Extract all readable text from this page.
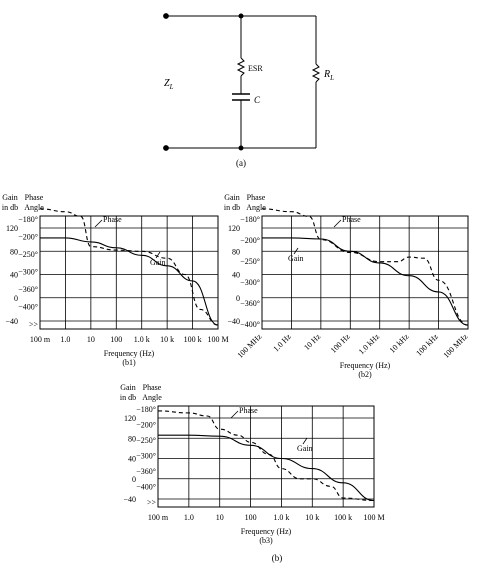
$Z_L$
ESR
C
$R_L$
(a)
Gain
in db
Phase
Angle
120
80
40
0
−40
−180°
−200°
−250°
−300°
−360°
−400°
>>
100 m 1.0 10 100 1.0 k 10 k 100 k 100 M
Frequency (Hz)
(b1)
Phase
Gain
Gain
in db
Phase
Angle
120
80
40
0
−40
−180°
−200°
−250°
−300°
−360°
−400°
100 MHz 1.0 Hz 10 Hz 100 Hz 1.0 kHz 10 kHz 100 kHz 100 MHz
Frequency (Hz)
(b2)
Phase
Gain
Gain
in db
Phase
Angle
120
80
40
0
−40
−180°
−200°
−250°
−300°
−360°
−400°
>>
100 m 1.0	10	100 1.0 k 10 k 100 k 100 M
Frequency (Hz)
(b3)
Phase
Gain
(b)
